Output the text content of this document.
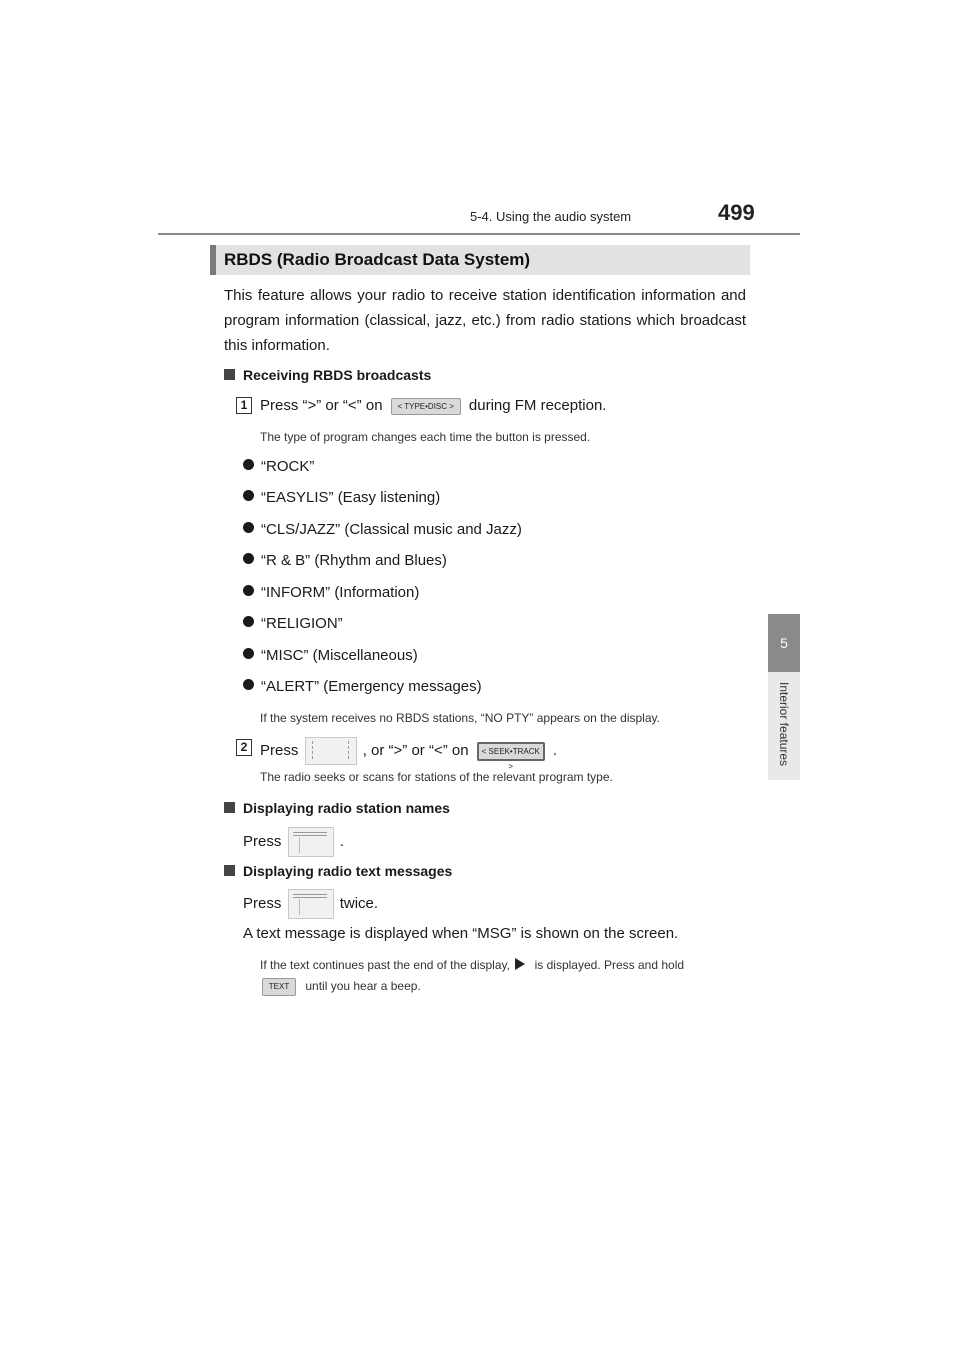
5-4. Using the audio system	499
5
Interior features
RBDS (Radio Broadcast Data System)
This feature allows your radio to receive station identification information and program information (classical, jazz, etc.) from radio stations which broadcast this information.
Receiving RBDS broadcasts
1 Press “>” or “<” on < TYPE•DISC > during FM reception.
The type of program changes each time the button is pressed.
“ROCK”
“EASYLIS” (Easy listening)
“CLS/JAZZ” (Classical music and Jazz)
“R & B” (Rhythm and Blues)
“INFORM” (Information)
“RELIGION”
“MISC” (Miscellaneous)
“ALERT” (Emergency messages)
If the system receives no RBDS stations, “NO PTY” appears on the display.
2 Press	, or “>” or “<” on < SEEK•TRACK > .
The radio seeks or scans for stations of the relevant program type.
Displaying radio station names
Press	.
Displaying radio text messages
Press	twice.
A text message is displayed when “MSG” is shown on the screen.
If the text continues past the end of the display, is displayed. Press and hold
TEXT until you hear a beep.
